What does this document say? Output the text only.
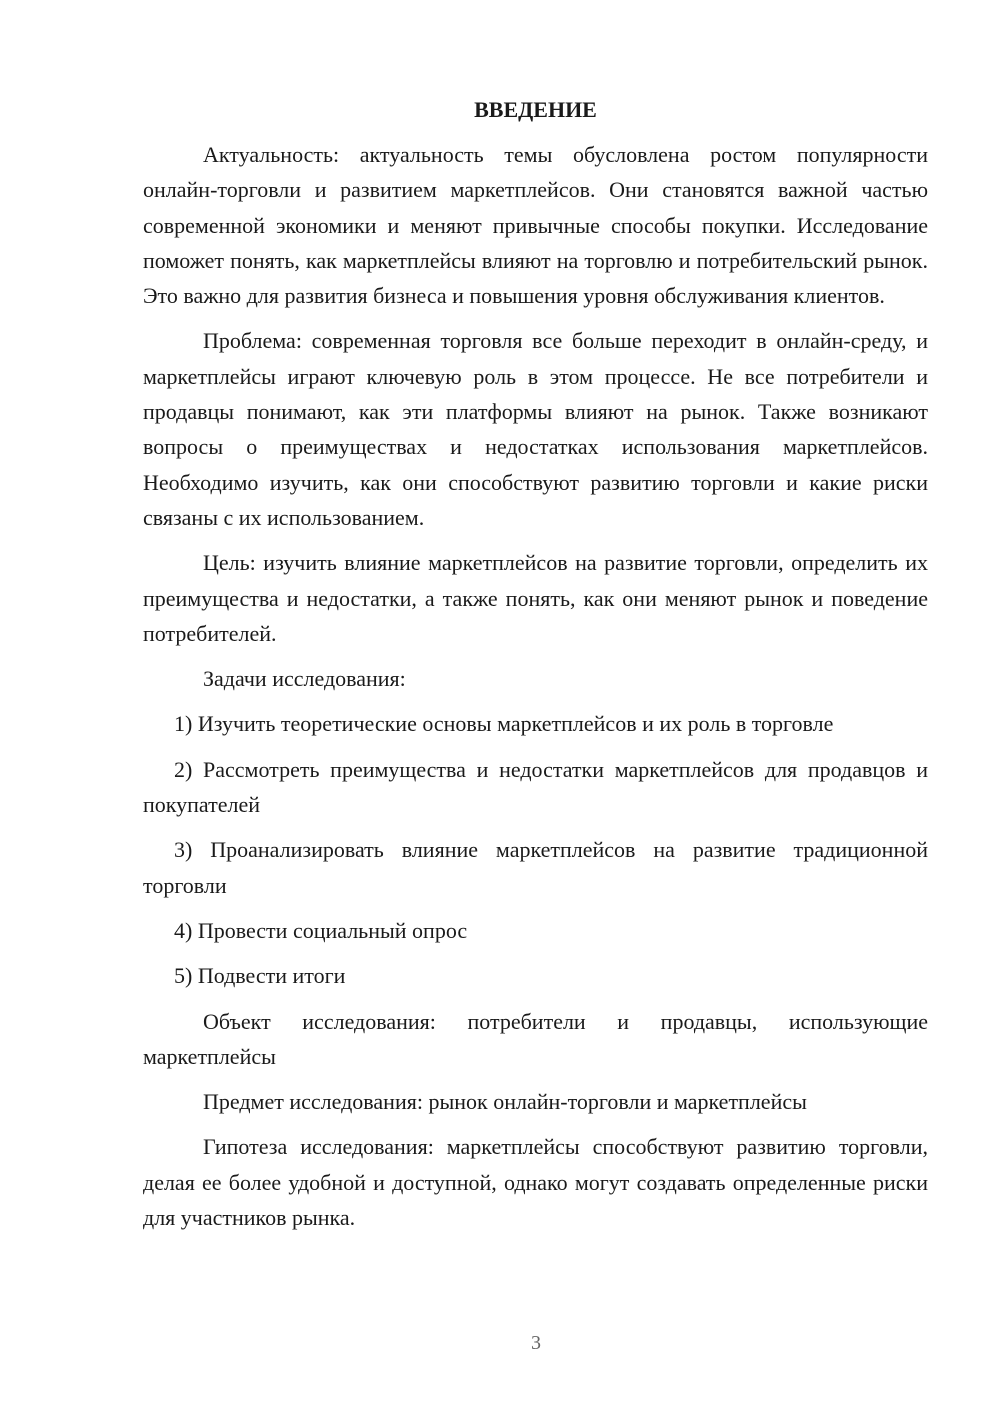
ВВЕДЕНИЕ

Актуальность: актуальность темы обусловлена ростом популярности онлайн-торговли и развитием маркетплейсов. Они становятся важной частью современной экономики и меняют привычные способы покупки. Исследование поможет понять, как маркетплейсы влияют на торговлю и потребительский рынок. Это важно для развития бизнеса и повышения уровня обслуживания клиентов.

Проблема: современная торговля все больше переходит в онлайн-среду, и маркетплейсы играют ключевую роль в этом процессе. Не все потребители и продавцы понимают, как эти платформы влияют на рынок. Также возникают вопросы о преимуществах и недостатках использования маркетплейсов. Необходимо изучить, как они способствуют развитию торговли и какие риски связаны с их использованием.

Цель: изучить влияние маркетплейсов на развитие торговли, определить их преимущества и недостатки, а также понять, как они меняют рынок и поведение потребителей.

Задачи исследования:

1) Изучить теоретические основы маркетплейсов и их роль в торговле

2) Рассмотреть преимущества и недостатки маркетплейсов для продавцов и покупателей

3) Проанализировать влияние маркетплейсов на развитие традиционной торговли

4) Провести социальный опрос

5) Подвести итоги

Объект исследования: потребители и продавцы, использующие маркетплейсы

Предмет исследования: рынок онлайн-торговли и маркетплейсы

Гипотеза исследования: маркетплейсы способствуют развитию торговли, делая ее более удобной и доступной, однако могут создавать определенные риски для участников рынка.

3
